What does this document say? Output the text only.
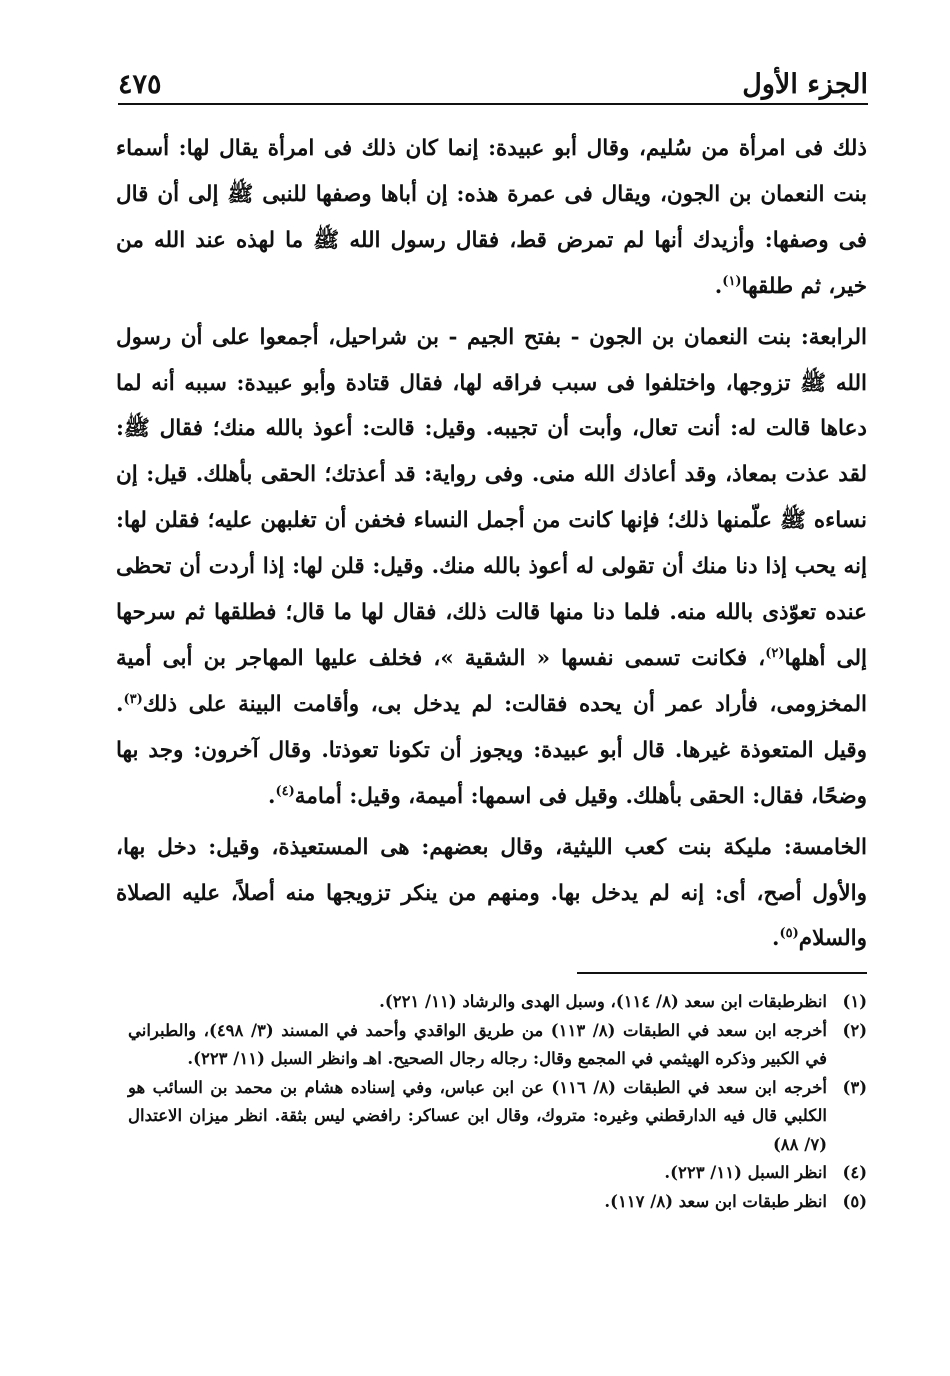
الجزء الأول
٤٧٥

ذلك فى امرأة من سُليم، وقال أبو عبيدة: إنما كان ذلك فى امرأة يقال لها: أسماء بنت النعمان بن الجون، ويقال فى عمرة هذه: إن أباها وصفها للنبى ﷺ إلى أن قال فى وصفها: وأزيدك أنها لم تمرض قط، فقال رسول الله ﷺ ما لهذه عند الله من خير، ثم طلقها$^{(١)}$.

الرابعة: بنت النعمان بن الجون - بفتح الجيم - بن شراحيل، أجمعوا على أن رسول الله ﷺ تزوجها، واختلفوا فى سبب فراقه لها، فقال قتادة وأبو عبيدة: سببه أنه لما دعاها قالت له: أنت تعال، وأبت أن تجيبه. وقيل: قالت: أعوذ بالله منك؛ فقال ﷺ: لقد عذت بمعاذ، وقد أعاذك الله منى. وفى رواية: قد أعذتك؛ الحقى بأهلك. قيل: إن نساءه ﷺ علّمنها ذلك؛ فإنها كانت من أجمل النساء فخفن أن تغلبهن عليه؛ فقلن لها: إنه يحب إذا دنا منك أن تقولى له أعوذ بالله منك. وقيل: قلن لها: إذا أردت أن تحظى عنده تعوّذى بالله منه. فلما دنا منها قالت ذلك، فقال لها ما قال؛ فطلقها ثم سرحها إلى أهلها$^{(٢)}$، فكانت تسمى نفسها « الشقية »، فخلف عليها المهاجر بن أبى أمية المخزومى، فأراد عمر أن يحده فقالت: لم يدخل بى، وأقامت البينة على ذلك$^{(٣)}$. وقيل المتعوذة غيرها. قال أبو عبيدة: ويجوز أن تكونا تعوذتا. وقال آخرون: وجد بها وضحًا، فقال: الحقى بأهلك. وقيل فى اسمها: أميمة، وقيل: أمامة$^{(٤)}$.

الخامسة: مليكة بنت كعب الليثية، وقال بعضهم: هى المستعيذة، وقيل: دخل بها، والأول أصح، أى: إنه لم يدخل بها. ومنهم من ينكر تزويجها منه أصلاً، عليه الصلاة والسلام$^{(٥)}$.

(١)
انظرطبقات ابن سعد (٨/ ١١٤)، وسبل الهدى والرشاد (١١/ ٢٢١).
(٢)
أخرجه ابن سعد في الطبقات (٨/ ١١٣) من طريق الواقدي وأحمد في المسند (٣/ ٤٩٨)، والطبراني في الكبير وذكره الهيثمي في المجمع وقال: رجاله رجال الصحيح. اهـ وانظر السبل (١١/ ٢٢٣).
(٣)
أخرجه ابن سعد في الطبقات (٨/ ١١٦) عن ابن عباس، وفي إسناده هشام بن محمد بن السائب هو الكلبي قال فيه الدارقطني وغيره: متروك، وقال ابن عساكر: رافضي ليس بثقة. انظر ميزان الاعتدال (٧/ ٨٨)
(٤)
انظر السبل (١١/ ٢٢٣).
(٥)
انظر طبقات ابن سعد (٨/ ١١٧).
